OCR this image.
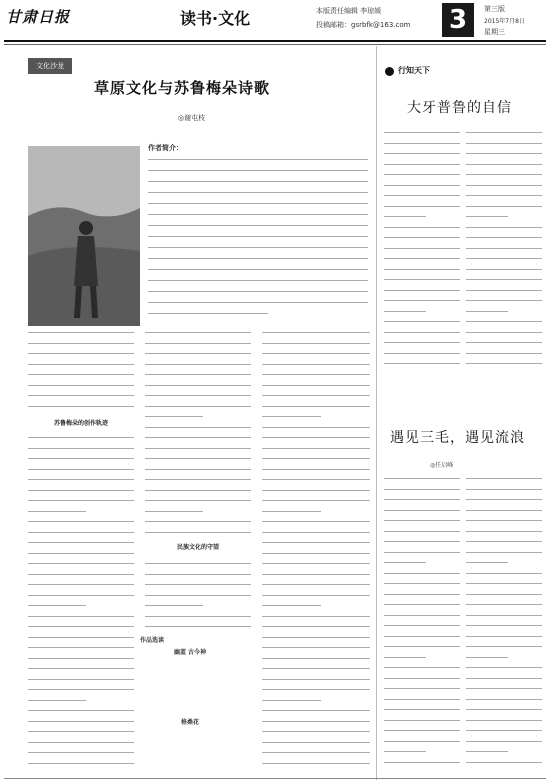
甘肃日报	读书·文化	本版责任编辑 李琼媛
投稿邮箱：gsrbfk@163.com 3	第三版
2015年7月8日
星期三
文化沙龙
草原文化与苏鲁梅朵诗歌
◎谢屯枝
作者简介：
苏鲁梅朵的创作轨迹
民族文化的守望
作品选读
幽蓝 古今神
格桑花
行知天下
大牙普鲁的自信
遇见三毛，遇见流浪
◎任启峰
